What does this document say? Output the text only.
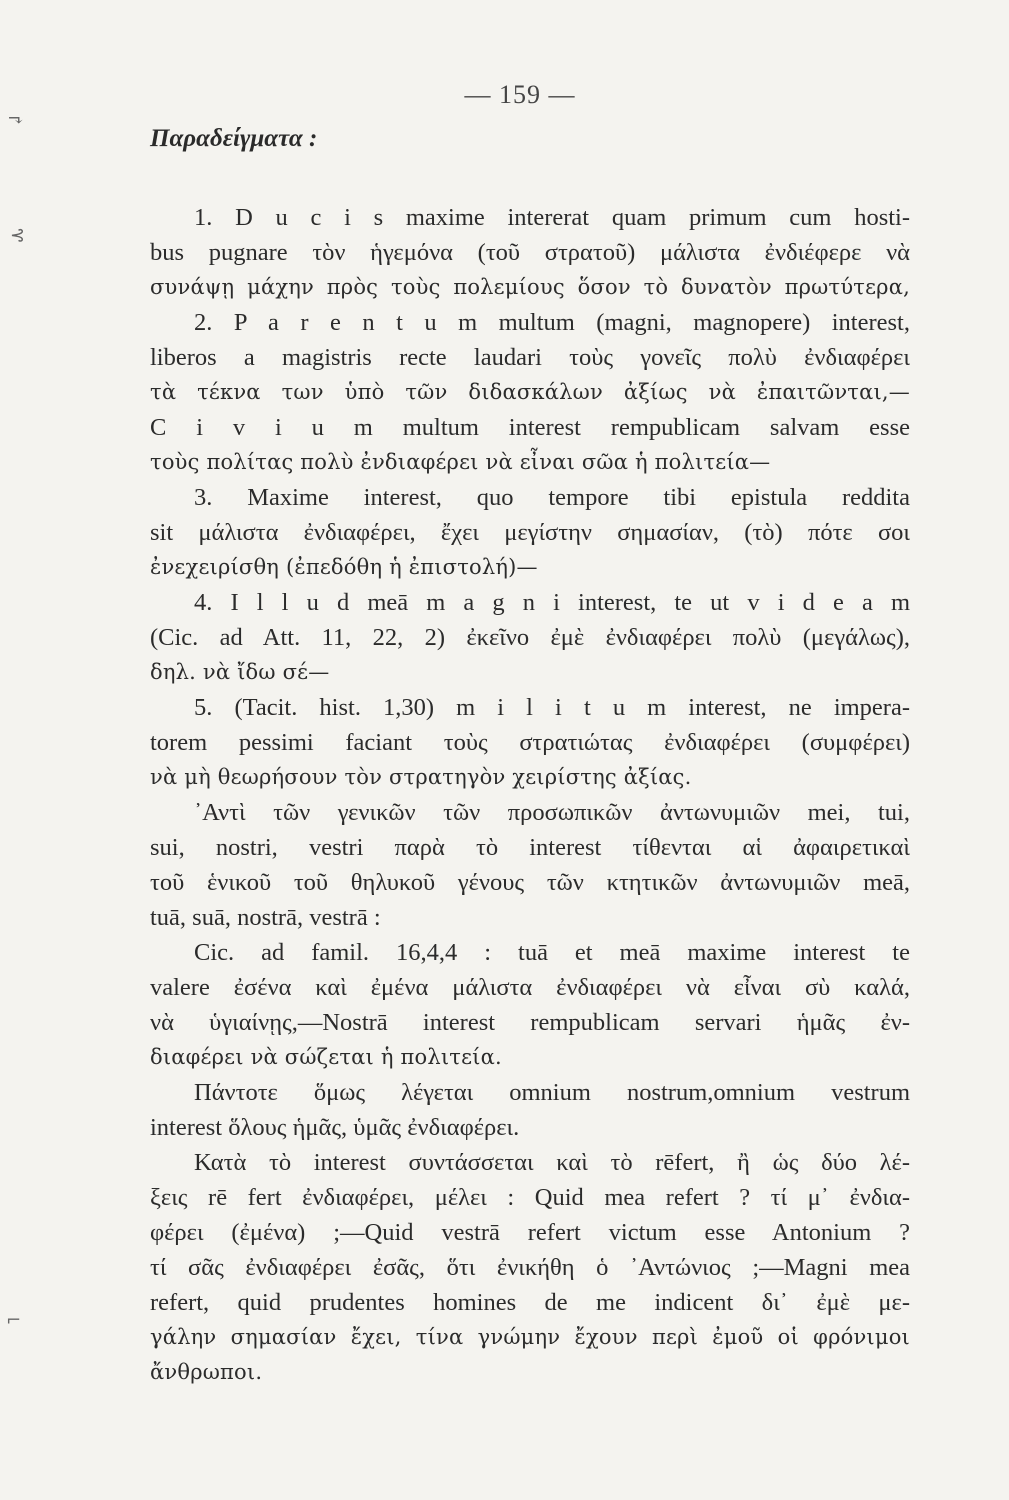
— 159 —
Παραδείγματα :
⬎
⊰
⌐
1. D u c i s maxime intererat quam primum cum hosti-
bus pugnare τὸν ἡγεμόνα (τοῦ στρατοῦ) μάλιστα ἐνδιέφερε νὰ
συνάψῃ μάχην πρὸς τοὺς πολεμίους ὅσον τὸ δυνατὸν πρωτύτερα,
2. P a r e n t u m multum (magni, magnopere) interest,
liberos a magistris recte laudari τοὺς γονεῖς πολὺ ἐνδιαφέρει
τὰ τέκνα των ὑπὸ τῶν διδασκάλων ἀξίως νὰ ἐπαιτῶνται,—
C i v i u m multum interest rempublicam salvam esse
τοὺς πολίτας πολὺ ἐνδιαφέρει νὰ εἶναι σῶα ἡ πολιτεία—
3. Maxime interest, quo tempore tibi epistula reddita
sit μάλιστα ἐνδιαφέρει, ἔχει μεγίστην σημασίαν, (τὸ) πότε σοι
ἐνεχειρίσθη (ἐπεδόθη ἡ ἐπιστολή)—
4. I l l u d meā m a g n i interest, te ut v i d e a m
(Cic. ad Att. 11, 22, 2) ἐκεῖνο ἐμὲ ἐνδιαφέρει πολὺ (μεγάλως),
δηλ. νὰ ἴδω σέ—
5. (Tacit. hist. 1,30) m i l i t u m interest, ne impera-
torem pessimi faciant τοὺς στρατιώτας ἐνδιαφέρει (συμφέρει)
νὰ μὴ θεωρήσουν τὸν στρατηγὸν χειρίστης ἀξίας.
᾿Αντὶ τῶν γενικῶν τῶν προσωπικῶν ἀντωνυμιῶν mei, tui,
sui, nostri, vestri παρὰ τὸ interest τίθενται αἱ ἀφαιρετικαὶ
τοῦ ἑνικοῦ τοῦ θηλυκοῦ γένους τῶν κτητικῶν ἀντωνυμιῶν meā,
tuā, suā, nostrā, vestrā :
Cic. ad famil. 16,4,4 : tuā et meā maxime interest te
valere ἐσένα καὶ ἐμένα μάλιστα ἐνδιαφέρει νὰ εἶναι σὺ καλά,
νὰ ὑγιαίνῃς,—Nostrā interest rempublicam servari ἡμᾶς ἐν-
διαφέρει νὰ σώζεται ἡ πολιτεία.
Πάντοτε ὅμως λέγεται omnium nostrum,omnium vestrum
interest ὅλους ἡμᾶς, ὑμᾶς ἐνδιαφέρει.
Κατὰ τὸ interest συντάσσεται καὶ τὸ rēfert, ἢ ὡς δύο λέ-
ξεις rē fert ἐνδιαφέρει, μέλει : Quid mea refert ? τί μ᾿ ἐνδια-
φέρει (ἐμένα) ;—Quid vestrā refert victum esse Antonium ?
τί σᾶς ἐνδιαφέρει ἐσᾶς, ὅτι ἐνικήθη ὁ ᾿Αντώνιος ;—Magni mea
refert, quid prudentes homines de me indicent δι᾿ ἐμὲ με-
γάλην σημασίαν ἔχει, τίνα γνώμην ἔχουν περὶ ἐμοῦ οἱ φρόνιμοι
ἄνθρωποι.
